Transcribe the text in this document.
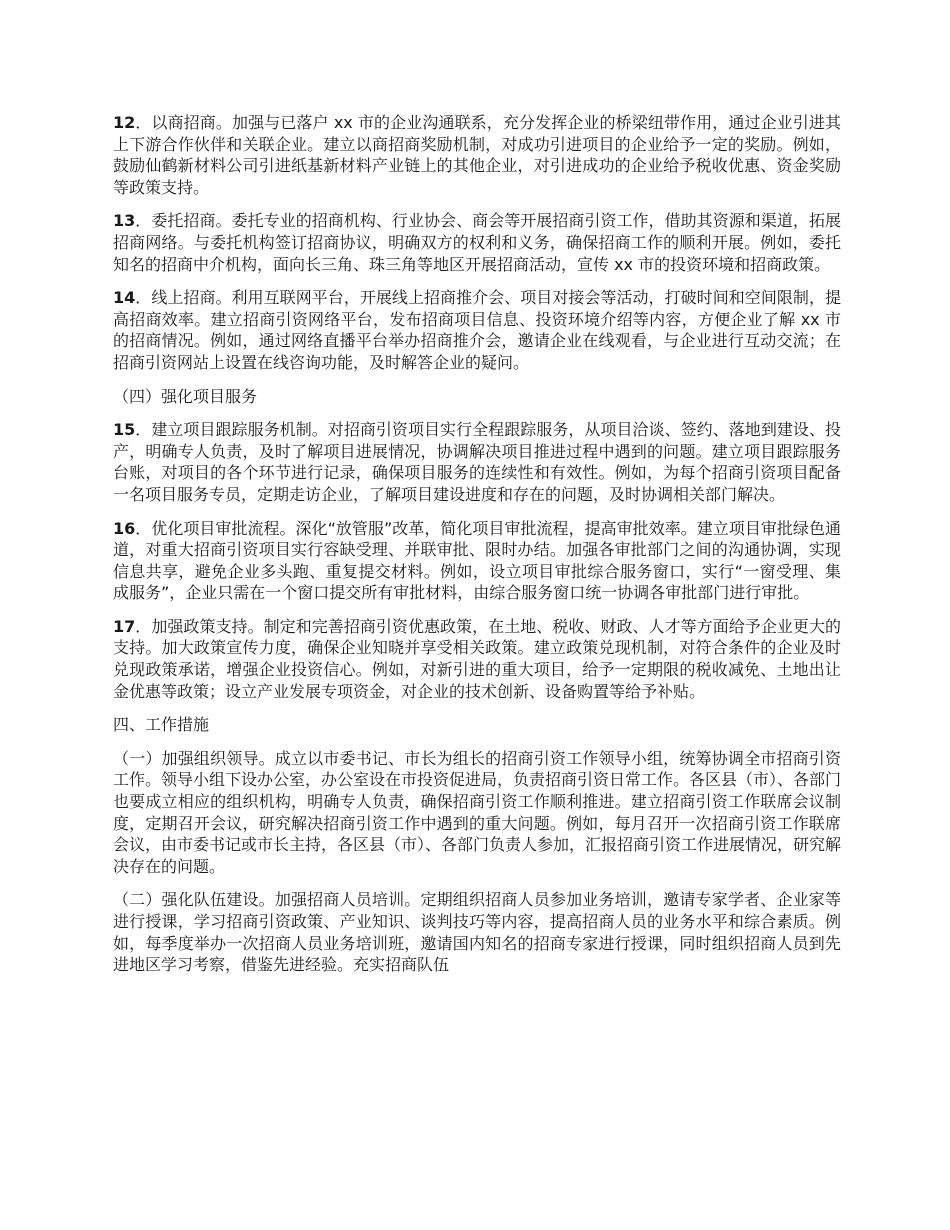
12．以商招商。加强与已落户 xx 市的企业沟通联系，充分发挥企业的桥梁纽带作用，通过企业引进其上下游合作伙伴和关联企业。建立以商招商奖励机制，对成功引进项目的企业给予一定的奖励。例如，鼓励仙鹤新材料公司引进纸基新材料产业链上的其他企业，对引进成功的企业给予税收优惠、资金奖励等政策支持。

13．委托招商。委托专业的招商机构、行业协会、商会等开展招商引资工作，借助其资源和渠道，拓展招商网络。与委托机构签订招商协议，明确双方的权利和义务，确保招商工作的顺利开展。例如，委托知名的招商中介机构，面向长三角、珠三角等地区开展招商活动，宣传 xx 市的投资环境和招商政策。

14．线上招商。利用互联网平台，开展线上招商推介会、项目对接会等活动，打破时间和空间限制，提高招商效率。建立招商引资网络平台，发布招商项目信息、投资环境介绍等内容，方便企业了解 xx 市的招商情况。例如，通过网络直播平台举办招商推介会，邀请企业在线观看，与企业进行互动交流；在招商引资网站上设置在线咨询功能，及时解答企业的疑问。

（四）强化项目服务

15．建立项目跟踪服务机制。对招商引资项目实行全程跟踪服务，从项目洽谈、签约、落地到建设、投产，明确专人负责，及时了解项目进展情况，协调解决项目推进过程中遇到的问题。建立项目跟踪服务台账，对项目的各个环节进行记录，确保项目服务的连续性和有效性。例如，为每个招商引资项目配备一名项目服务专员，定期走访企业，了解项目建设进度和存在的问题，及时协调相关部门解决。

16．优化项目审批流程。深化“放管服”改革，简化项目审批流程，提高审批效率。建立项目审批绿色通道，对重大招商引资项目实行容缺受理、并联审批、限时办结。加强各审批部门之间的沟通协调，实现信息共享，避免企业多头跑、重复提交材料。例如，设立项目审批综合服务窗口，实行“一窗受理、集成服务”，企业只需在一个窗口提交所有审批材料，由综合服务窗口统一协调各审批部门进行审批。

17．加强政策支持。制定和完善招商引资优惠政策，在土地、税收、财政、人才等方面给予企业更大的支持。加大政策宣传力度，确保企业知晓并享受相关政策。建立政策兑现机制，对符合条件的企业及时兑现政策承诺，增强企业投资信心。例如，对新引进的重大项目，给予一定期限的税收减免、土地出让金优惠等政策；设立产业发展专项资金，对企业的技术创新、设备购置等给予补贴。

四、工作措施

（一）加强组织领导。成立以市委书记、市长为组长的招商引资工作领导小组，统筹协调全市招商引资工作。领导小组下设办公室，办公室设在市投资促进局，负责招商引资日常工作。各区县（市）、各部门也要成立相应的组织机构，明确专人负责，确保招商引资工作顺利推进。建立招商引资工作联席会议制度，定期召开会议，研究解决招商引资工作中遇到的重大问题。例如，每月召开一次招商引资工作联席会议，由市委书记或市长主持，各区县（市）、各部门负责人参加，汇报招商引资工作进展情况，研究解决存在的问题。

（二）强化队伍建设。加强招商人员培训。定期组织招商人员参加业务培训，邀请专家学者、企业家等进行授课，学习招商引资政策、产业知识、谈判技巧等内容，提高招商人员的业务水平和综合素质。例如，每季度举办一次招商人员业务培训班，邀请国内知名的招商专家进行授课，同时组织招商人员到先进地区学习考察，借鉴先进经验。充实招商队伍
